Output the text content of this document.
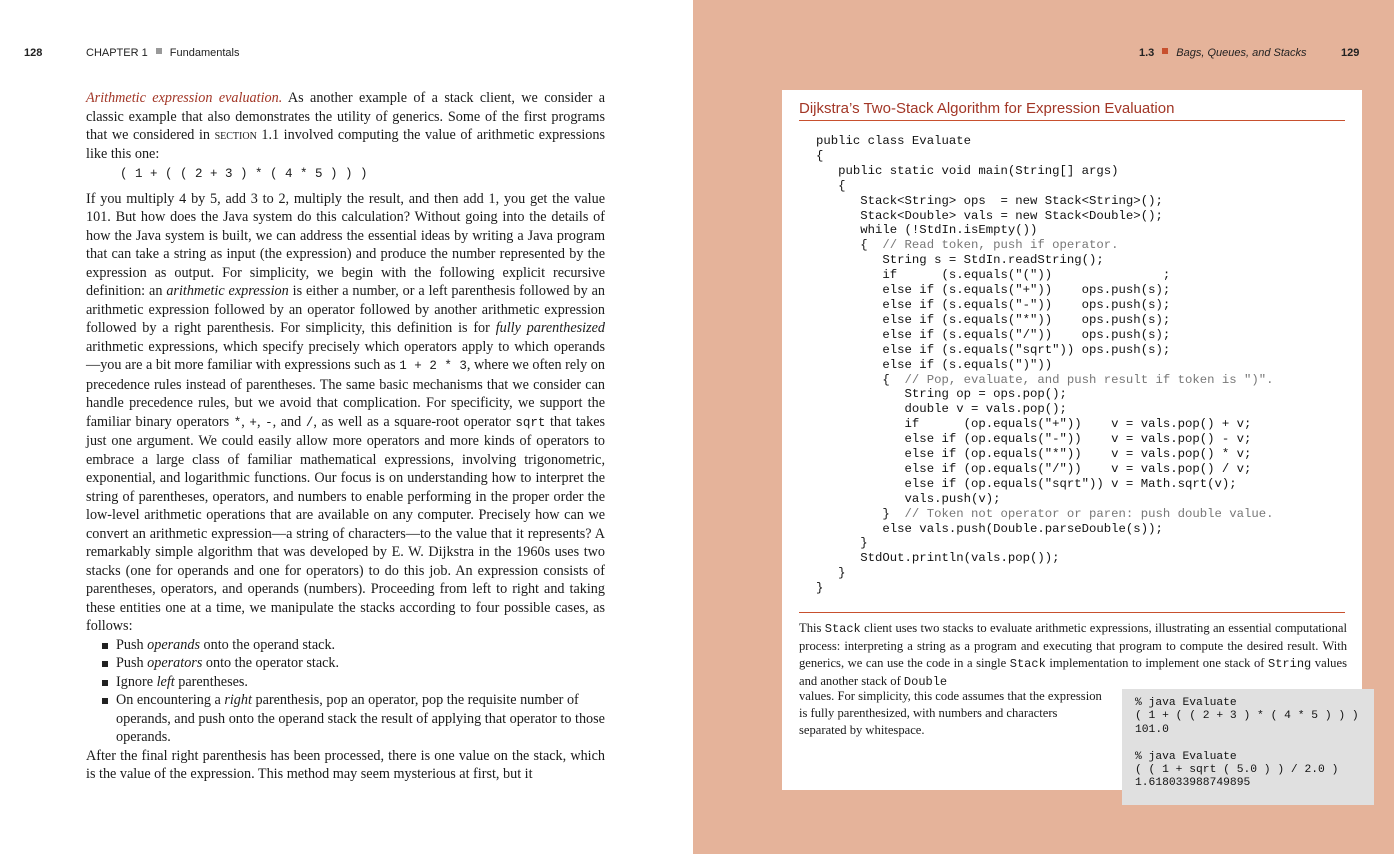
128	CHAPTER 1 Fundamentals

Arithmetic expression evaluation. As another example of a stack client, we consider a classic example that also demonstrates the utility of generics. Some of the first programs that we considered in section 1.1 involved computing the value of arithmetic expressions like this one:

( 1 + ( ( 2 + 3 ) * ( 4 * 5 ) ) )

If you multiply 4 by 5, add 3 to 2, multiply the result, and then add 1, you get the value 101. But how does the Java system do this calculation? Without going into the details of how the Java system is built, we can address the essential ideas by writing a Java program that can take a string as input (the expression) and produce the number represented by the expression as output. For simplicity, we begin with the following explicit recursive definition: an arithmetic expression is either a number, or a left parenthesis followed by an arithmetic expression followed by an operator followed by another arithmetic expression followed by a right parenthesis. For simplicity, this definition is for fully parenthesized arithmetic expressions, which specify precisely which operators apply to which operands—you are a bit more familiar with expressions such as 1 + 2 * 3, where we often rely on precedence rules instead of parentheses. The same basic mechanisms that we consider can handle precedence rules, but we avoid that complication. For specificity, we support the familiar binary operators *, +, -, and /, as well as a square-root operator sqrt that takes just one argument. We could easily allow more operators and more kinds of operators to embrace a large class of familiar mathematical expressions, involving trigonometric, exponential, and logarithmic functions. Our focus is on understanding how to interpret the string of parentheses, operators, and numbers to enable performing in the proper order the low-level arithmetic operations that are available on any computer. Precisely how can we convert an arithmetic expression—a string of characters—to the value that it represents? A remarkably simple algorithm that was developed by E. W. Dijkstra in the 1960s uses two stacks (one for operands and one for operators) to do this job. An expression consists of parentheses, operators, and operands (numbers). Proceeding from left to right and taking these entities one at a time, we manipulate the stacks according to four possible cases, as follows:

Push operands onto the operand stack.
Push operators onto the operator stack.
Ignore left parentheses.
On encountering a right parenthesis, pop an operator, pop the requisite number of operands, and push onto the operand stack the result of applying that operator to those operands.

After the final right parenthesis has been processed, there is one value on the stack, which is the value of the expression. This method may seem mysterious at first, but it

1.3 Bags, Queues, and Stacks	129
Dijkstra’s Two-Stack Algorithm for Expression Evaluation
public class Evaluate
{
public static void main(String[] args)
{
Stack<String> ops  = new Stack<String>();
Stack<Double> vals = new Stack<Double>();
while (!StdIn.isEmpty())
{  // Read token, push if operator.
String s = StdIn.readString();
if      (s.equals("("))               ;
else if (s.equals("+"))    ops.push(s);
else if (s.equals("-"))    ops.push(s);
else if (s.equals("*"))    ops.push(s);
else if (s.equals("/"))    ops.push(s);
else if (s.equals("sqrt")) ops.push(s);
else if (s.equals(")"))
{  // Pop, evaluate, and push result if token is ")".
String op = ops.pop();
double v = vals.pop();
if      (op.equals("+"))    v = vals.pop() + v;
else if (op.equals("-"))    v = vals.pop() - v;
else if (op.equals("*"))    v = vals.pop() * v;
else if (op.equals("/"))    v = vals.pop() / v;
else if (op.equals("sqrt")) v = Math.sqrt(v);
vals.push(v);
}  // Token not operator or paren: push double value.
else vals.push(Double.parseDouble(s));
}
StdOut.println(vals.pop());
}
}
This Stack client uses two stacks to evaluate arithmetic expressions, illustrating an essential computational process: interpreting a string as a program and executing that program to compute the desired result. With generics, we can use the code in a single Stack implementation to implement one stack of String values and another stack of Double
values. For simplicity, this code assumes that the expression is fully parenthesized, with numbers and characters separated by whitespace.
% java Evaluate
( 1 + ( ( 2 + 3 ) * ( 4 * 5 ) ) )
101.0

% java Evaluate
( ( 1 + sqrt ( 5.0 ) ) / 2.0 )
1.618033988749895
